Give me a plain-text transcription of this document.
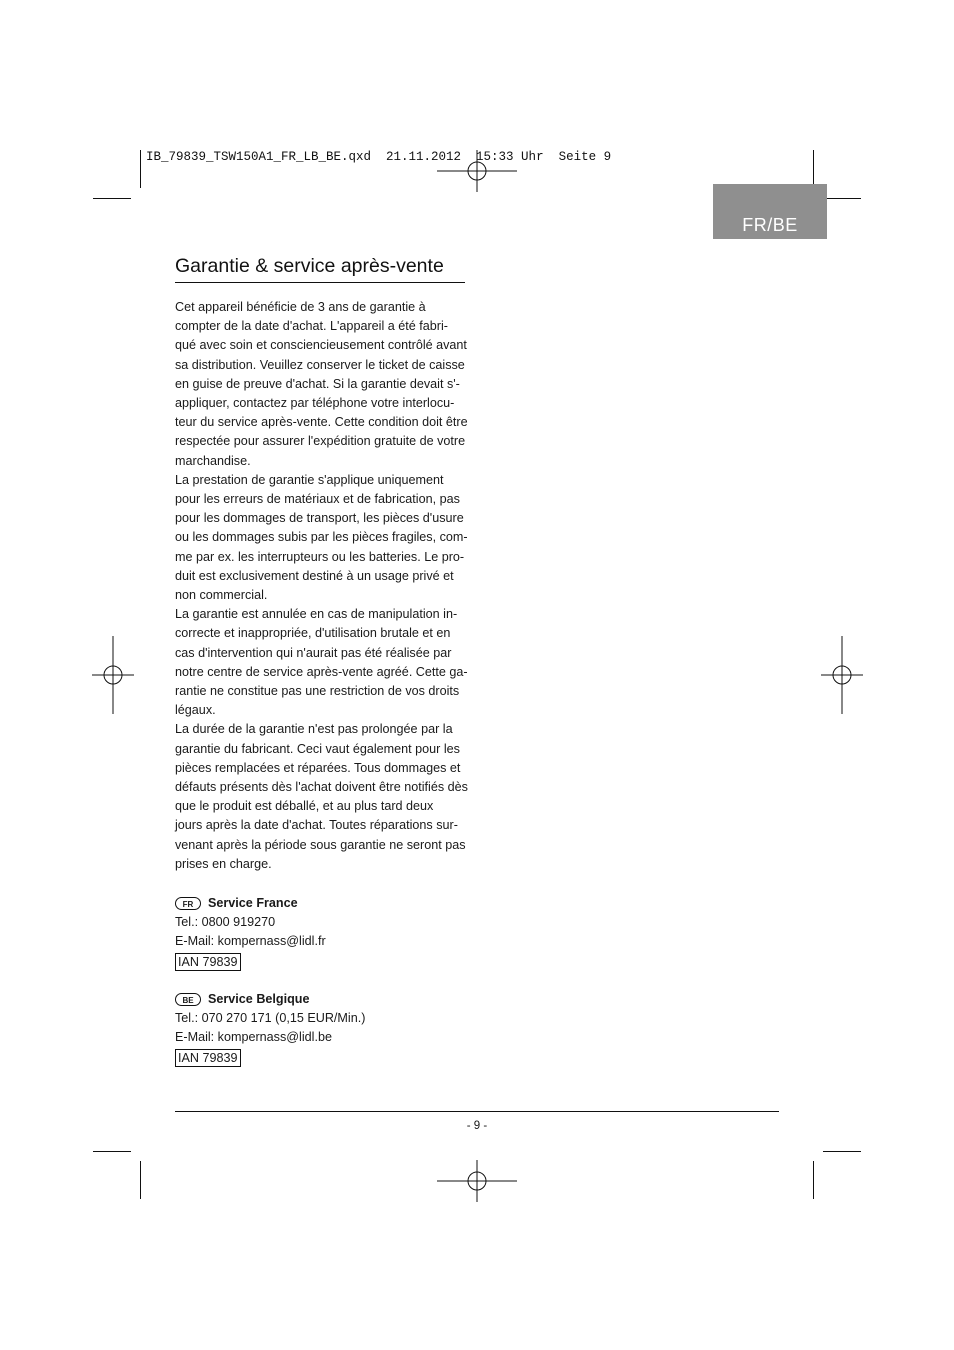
IB_79839_TSW150A1_FR_LB_BE.qxd  21.11.2012  15:33 Uhr  Seite 9
FR/BE
Garantie & service après-vente
Cet appareil bénéficie de 3 ans de garantie à
compter de la date d'achat. L'appareil a été fabri-
qué avec soin et consciencieusement contrôlé avant
sa distribution. Veuillez conserver le ticket de caisse
en guise de preuve d'achat. Si la garantie devait s'-
appliquer, contactez par téléphone votre interlocu-
teur du service après-vente. Cette condition doit être
respectée pour assurer l'expédition gratuite de votre
marchandise.
La prestation de garantie s'applique uniquement
pour les erreurs de matériaux et de fabrication, pas
pour les dommages de transport, les pièces d'usure
ou les dommages subis par les pièces fragiles, com-
me par ex. les interrupteurs ou les batteries. Le pro-
duit est exclusivement destiné à un usage privé et
non commercial.
La garantie est annulée en cas de manipulation in-
correcte et inappropriée, d'utilisation brutale et en
cas d'intervention qui n'aurait pas été réalisée par
notre centre de service après-vente agréé. Cette ga-
rantie ne constitue pas une restriction de vos droits
légaux.
La durée de la garantie n'est pas prolongée par la
garantie du fabricant. Ceci vaut également pour les
pièces remplacées et réparées. Tous dommages et
défauts présents dès l'achat doivent être notifiés dès
que le produit est déballé, et au plus tard deux
jours après la date d'achat. Toutes réparations sur-
venant après la période sous garantie ne seront pas
prises en charge.
FR	Service France
Tel.: 0800 919270
E-Mail: kompernass@lidl.fr
IAN 79839
BE	Service Belgique
Tel.: 070 270 171 (0,15 EUR/Min.)
E-Mail: kompernass@lidl.be
IAN 79839
- 9 -
